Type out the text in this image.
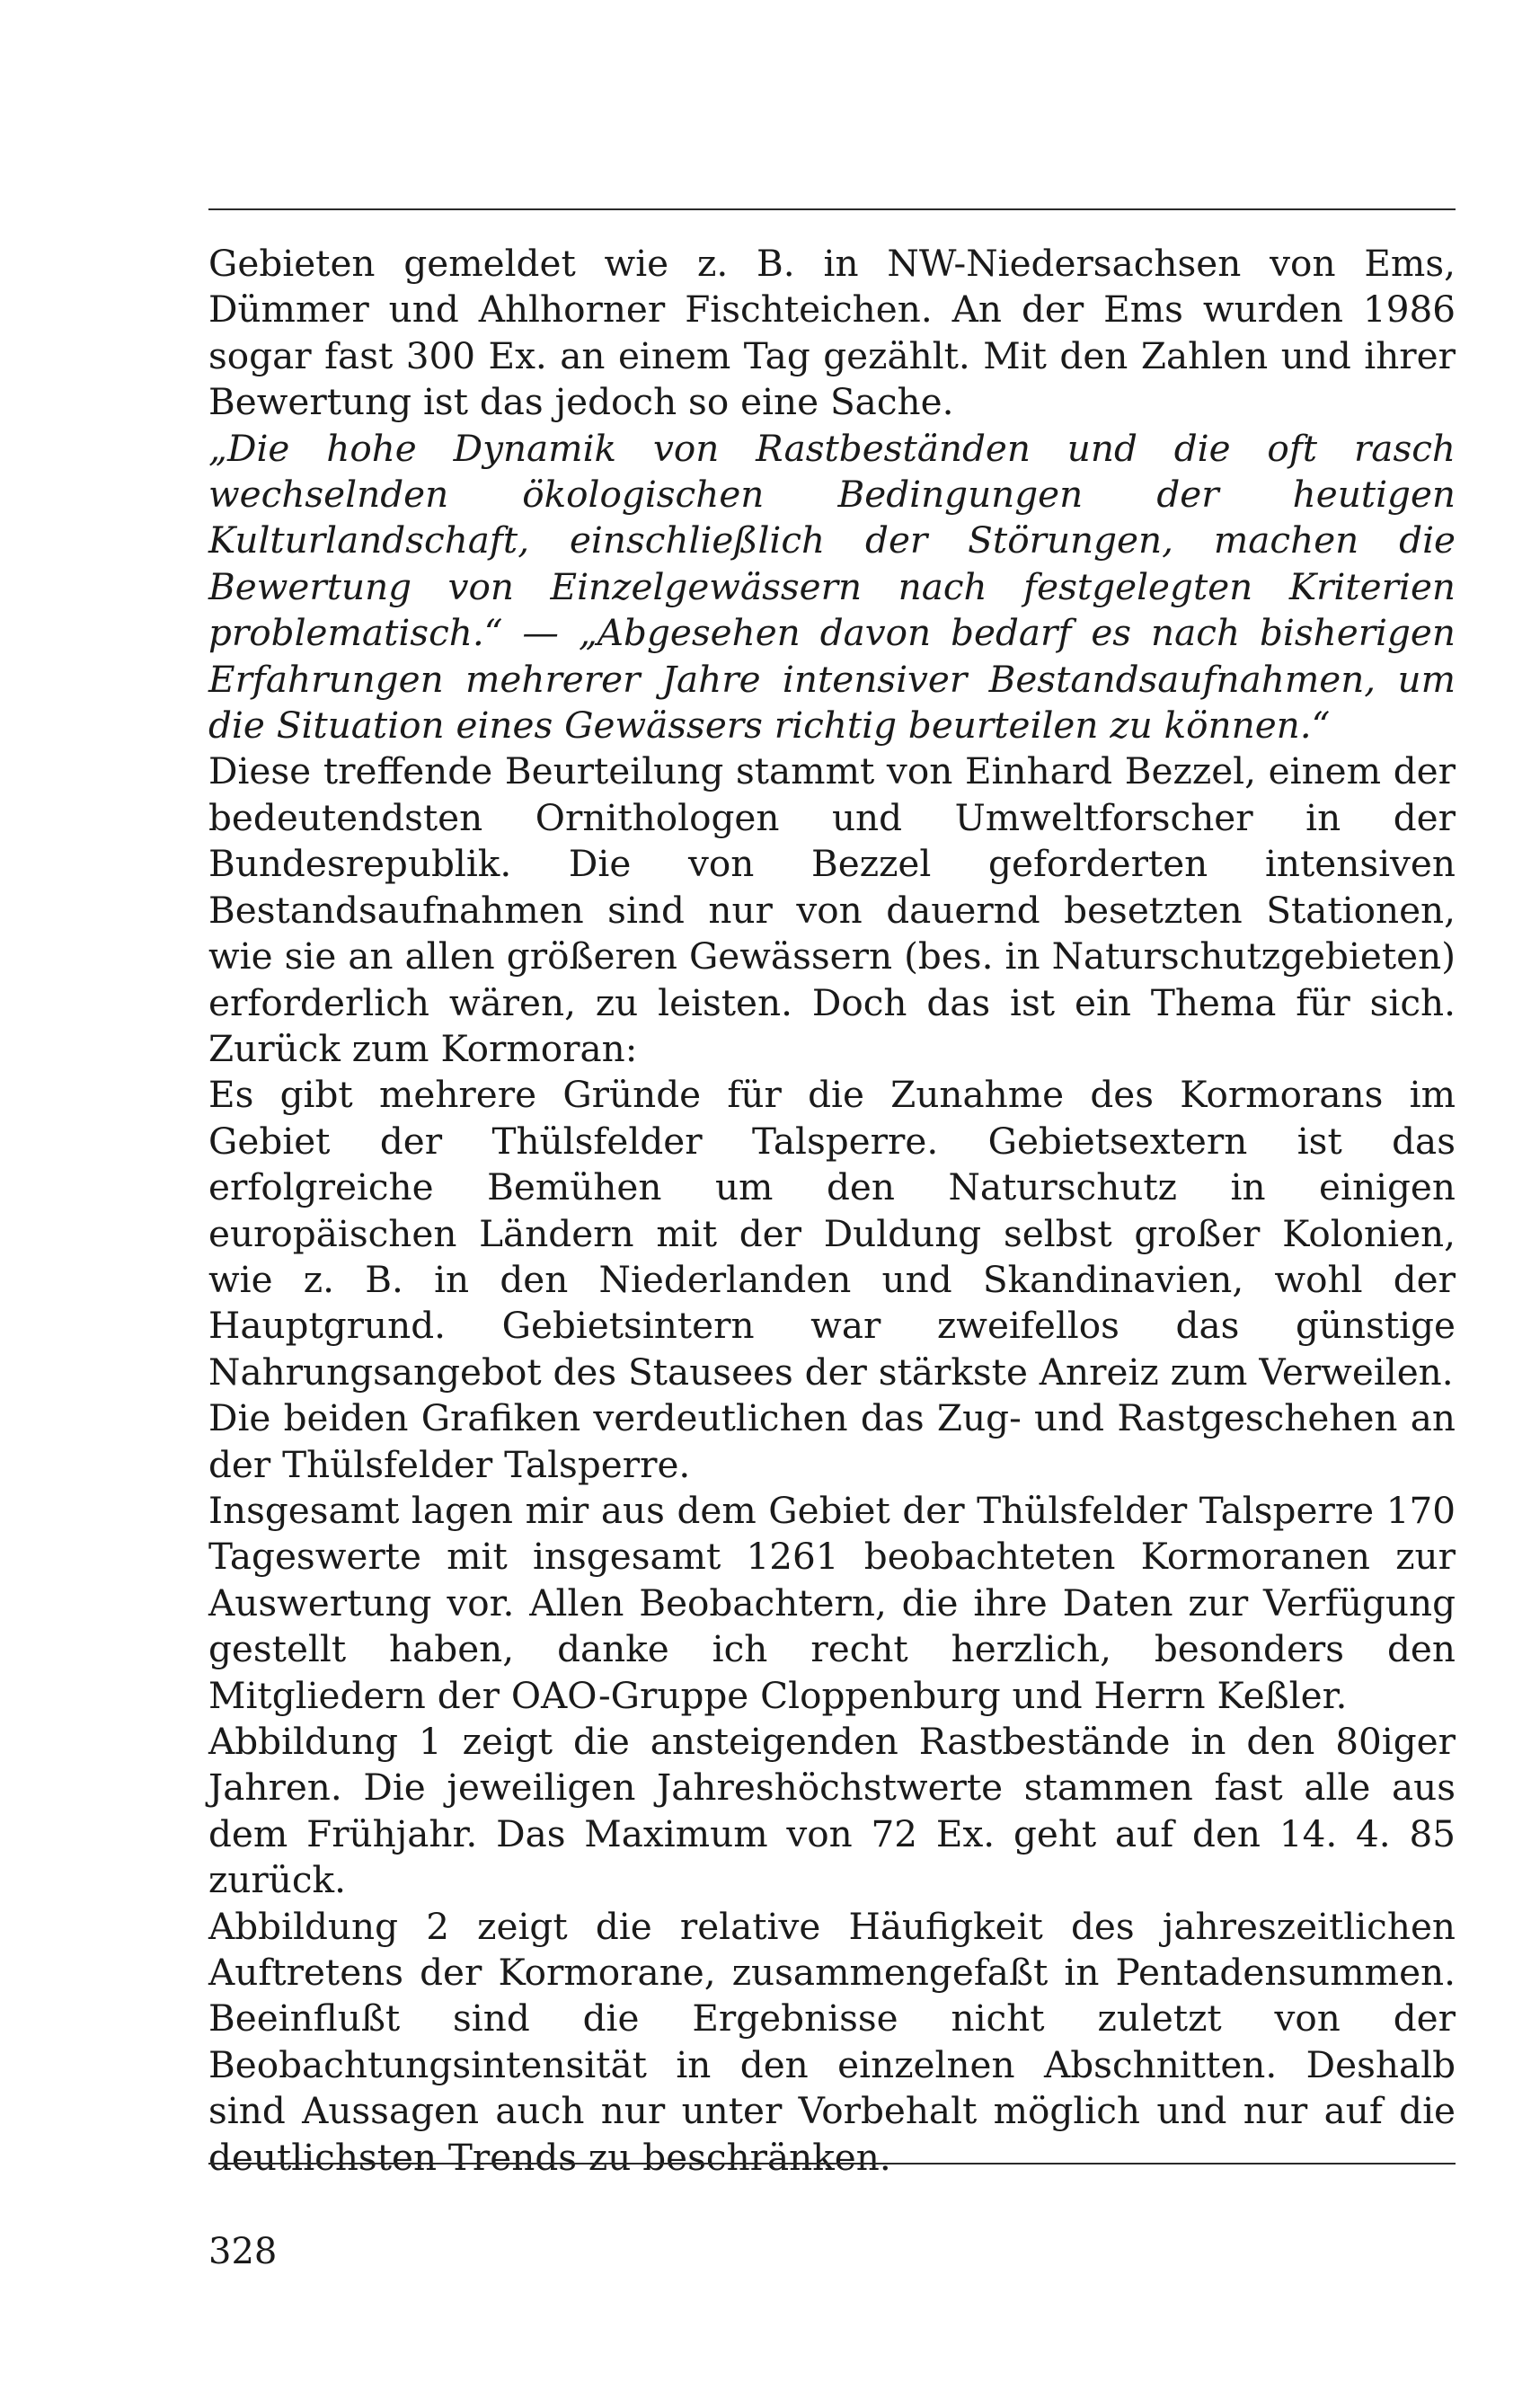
Gebieten gemeldet wie z. B. in NW-Niedersachsen von Ems, Dümmer und Ahlhorner Fischteichen. An der Ems wurden 1986 sogar fast 300 Ex. an einem Tag gezählt. Mit den Zahlen und ihrer Bewertung ist das jedoch so eine Sache.

„Die hohe Dynamik von Rastbeständen und die oft rasch wechselnden ökologischen Bedingungen der heutigen Kulturlandschaft, einschließlich der Störungen, machen die Bewertung von Einzelgewässern nach festgelegten Kriterien problematisch.“ — „Abgesehen davon bedarf es nach bisherigen Erfahrungen mehrerer Jahre intensiver Bestandsaufnahmen, um die Situation eines Gewässers richtig beurteilen zu können.“

Diese treffende Beurteilung stammt von Einhard Bezzel, einem der bedeutendsten Ornithologen und Umweltforscher in der Bundesrepublik. Die von Bezzel geforderten intensiven Bestandsaufnahmen sind nur von dauernd besetzten Stationen, wie sie an allen größeren Gewässern (bes. in Naturschutzgebieten) erforderlich wären, zu leisten. Doch das ist ein Thema für sich. Zurück zum Kormoran:

Es gibt mehrere Gründe für die Zunahme des Kormorans im Gebiet der Thülsfelder Talsperre. Gebietsextern ist das erfolgreiche Bemühen um den Naturschutz in einigen europäischen Ländern mit der Duldung selbst großer Kolonien, wie z. B. in den Niederlanden und Skandinavien, wohl der Hauptgrund. Gebietsintern war zweifellos das günstige Nahrungsangebot des Stausees der stärkste Anreiz zum Verweilen.

Die beiden Grafiken verdeutlichen das Zug- und Rastgeschehen an der Thülsfelder Talsperre.

Insgesamt lagen mir aus dem Gebiet der Thülsfelder Talsperre 170 Tageswerte mit insgesamt 1261 beobachteten Kormoranen zur Auswertung vor. Allen Beobachtern, die ihre Daten zur Verfügung gestellt haben, danke ich recht herzlich, besonders den Mitgliedern der OAO-Gruppe Cloppenburg und Herrn Keßler.

Abbildung 1 zeigt die ansteigenden Rastbestände in den 80iger Jahren. Die jeweiligen Jahreshöchstwerte stammen fast alle aus dem Frühjahr. Das Maximum von 72 Ex. geht auf den 14. 4. 85 zurück.

Abbildung 2 zeigt die relative Häufigkeit des jahreszeitlichen Auftretens der Kormorane, zusammengefaßt in Pentadensummen. Beeinflußt sind die Ergebnisse nicht zuletzt von der Beobachtungsintensität in den einzelnen Abschnitten. Deshalb sind Aussagen auch nur unter Vorbehalt möglich und nur auf die deutlichsten Trends zu beschränken.

328
